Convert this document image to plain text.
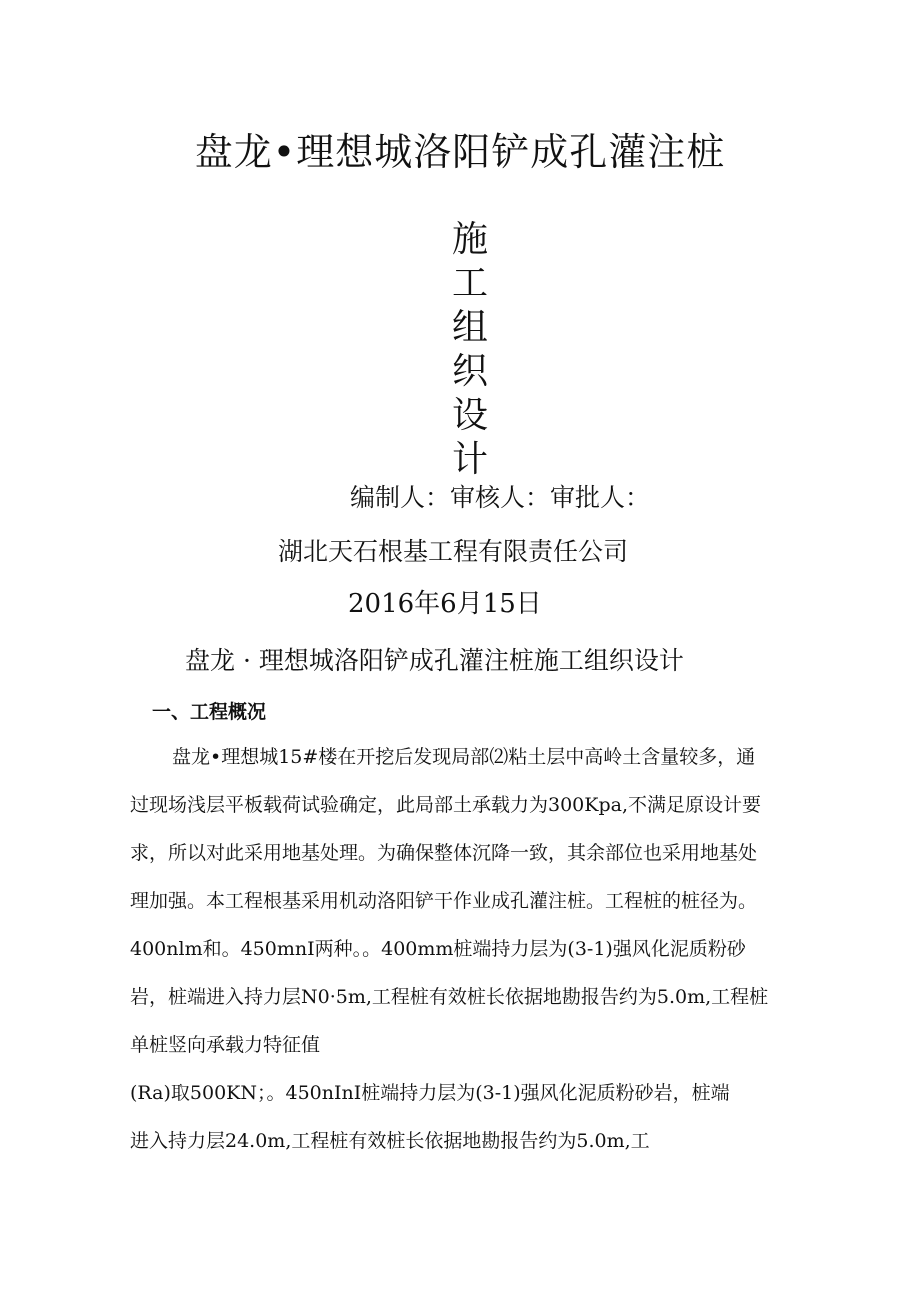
盘龙•理想城洛阳铲成孔灌注桩
施
工
组
织
设
计
编制人：审核人：审批人：
湖北天石根基工程有限责任公司
2016年6月15日
盘龙 · 理想城洛阳铲成孔灌注桩施工组织设计
一、工程概况
盘龙•理想城15#楼在开挖后发现局部⑵粘土层中高岭土含量较多，通
过现场浅层平板载荷试验确定，此局部土承载力为300Kpa,不满足原设计要
求，所以对此采用地基处理。为确保整体沉降一致，其余部位也采用地基处
理加强。本工程根基采用机动洛阳铲干作业成孔灌注桩。工程桩的桩径为。
400nlm和。450mnI两种。。400mm桩端持力层为(3-1)强风化泥质粉砂
岩，桩端进入持力层N0·5m,工程桩有效桩长依据地勘报告约为5.0m,工程桩
单桩竖向承载力特征值
(Ra)取500KN；。450nInI桩端持力层为(3-1)强风化泥质粉砂岩，桩端
进入持力层24.0m,工程桩有效桩长依据地勘报告约为5.0m,工
